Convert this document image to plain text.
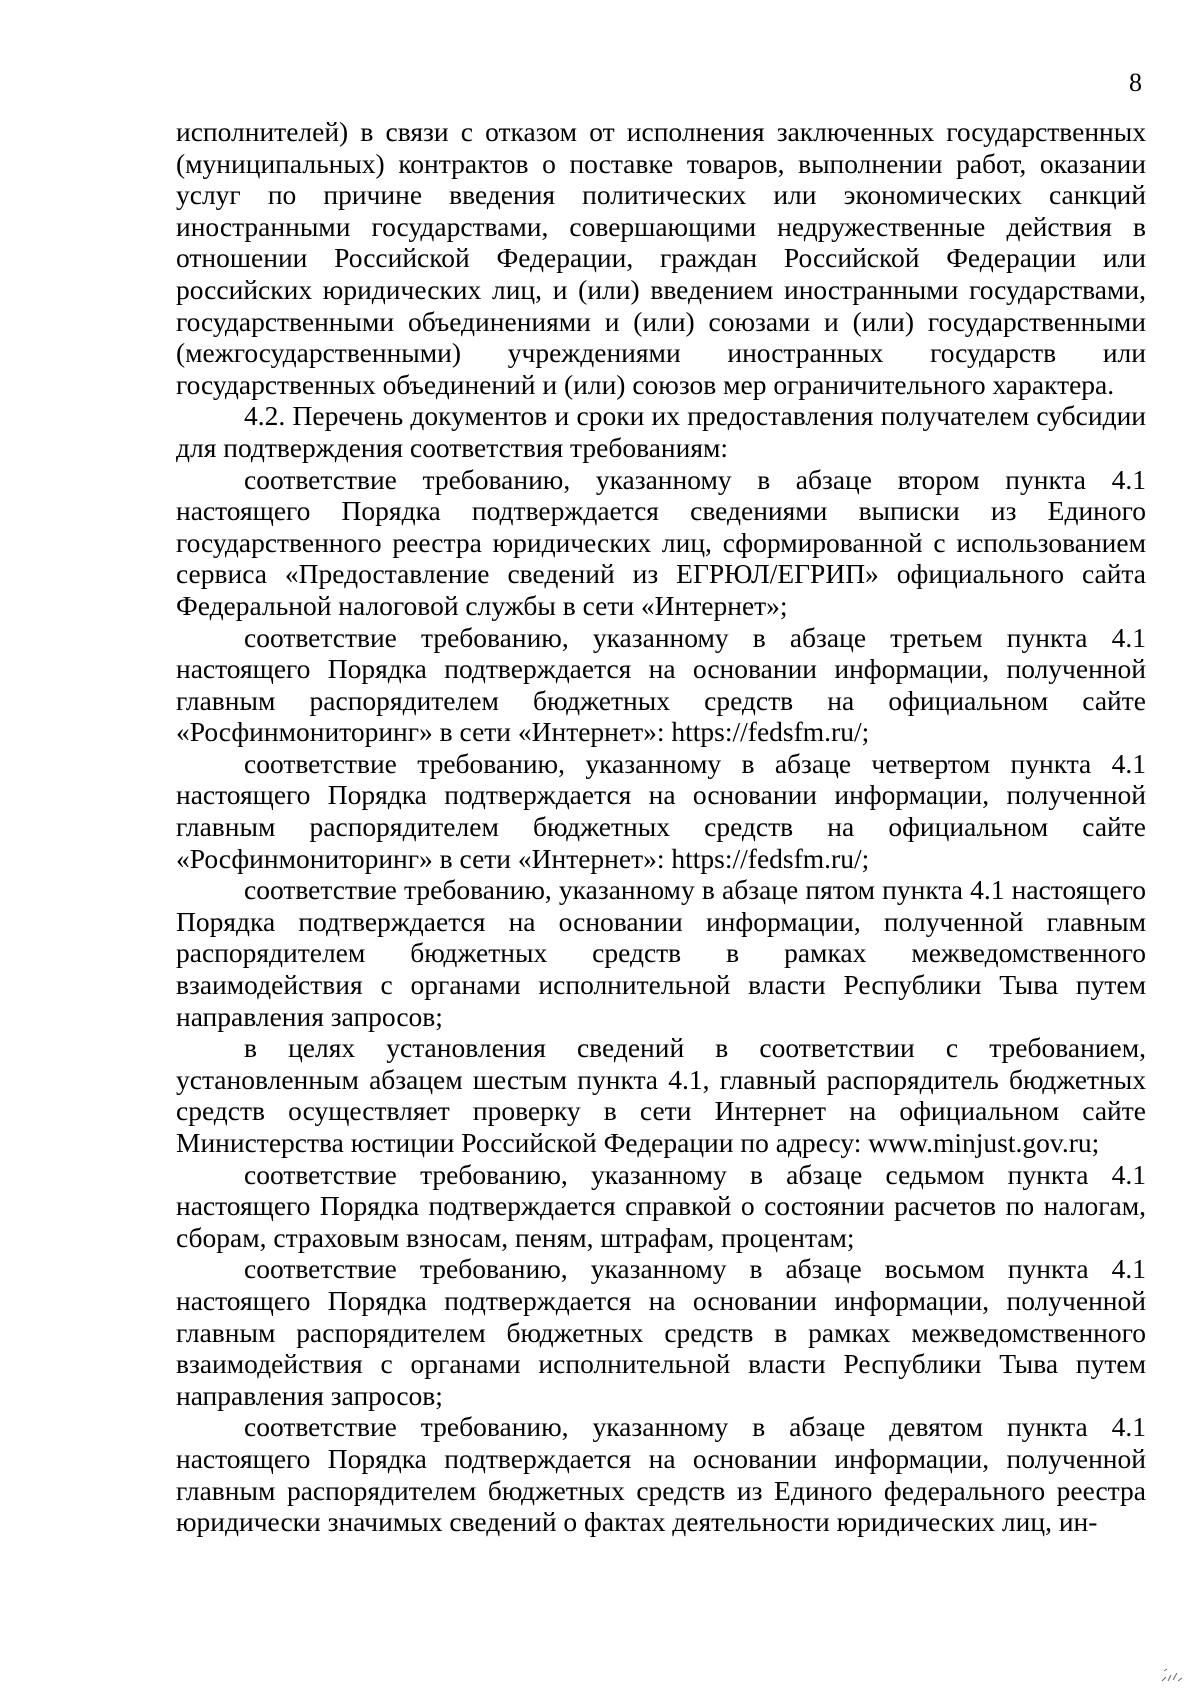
8

исполнителей) в связи с отказом от исполнения заключенных государственных (муниципальных) контрактов о поставке товаров, выполнении работ, оказании услуг по причине введения политических или экономических санкций иностранными государствами, совершающими недружественные действия в отношении Российской Федерации, граждан Российской Федерации или российских юридических лиц, и (или) введением иностранными государствами, государственными объединениями и (или) союзами и (или) государственными (межгосударственными) учреждениями иностранных государств или государственных объединений и (или) союзов мер ограничительного характера.

4.2. Перечень документов и сроки их предоставления получателем субсидии для подтверждения соответствия требованиям:

соответствие требованию, указанному в абзаце втором пункта 4.1 настоящего Порядка подтверждается сведениями выписки из Единого государственного реестра юридических лиц, сформированной с использованием сервиса «Предоставление сведений из ЕГРЮЛ/ЕГРИП» официального сайта Федеральной налоговой службы в сети «Интернет»;

соответствие требованию, указанному в абзаце третьем пункта 4.1 настоящего Порядка подтверждается на основании информации, полученной главным распорядителем бюджетных средств на официальном сайте «Росфинмониторинг» в сети «Интернет»: https://fedsfm.ru/;

соответствие требованию, указанному в абзаце четвертом пункта 4.1 настоящего Порядка подтверждается на основании информации, полученной главным распорядителем бюджетных средств на официальном сайте «Росфинмониторинг» в сети «Интернет»: https://fedsfm.ru/;

соответствие требованию, указанному в абзаце пятом пункта 4.1 настоящего Порядка подтверждается на основании информации, полученной главным распорядителем бюджетных средств в рамках межведомственного взаимодействия с органами исполнительной власти Республики Тыва путем направления запросов;

в целях установления сведений в соответствии с требованием, установленным абзацем шестым пункта 4.1, главный распорядитель бюджетных средств осуществляет проверку в сети Интернет на официальном сайте Министерства юстиции Российской Федерации по адресу: www.minjust.gov.ru;

соответствие требованию, указанному в абзаце седьмом пункта 4.1 настоящего Порядка подтверждается справкой о состоянии расчетов по налогам, сборам, страховым взносам, пеням, штрафам, процентам;

соответствие требованию, указанному в абзаце восьмом пункта 4.1 настоящего Порядка подтверждается на основании информации, полученной главным распорядителем бюджетных средств в рамках межведомственного взаимодействия с органами исполнительной власти Республики Тыва путем направления запросов;

соответствие требованию, указанному в абзаце девятом пункта 4.1 настоящего Порядка подтверждается на основании информации, полученной главным распорядителем бюджетных средств из Единого федерального реестра юридически значимых сведений о фактах деятельности юридических лиц, ин-
